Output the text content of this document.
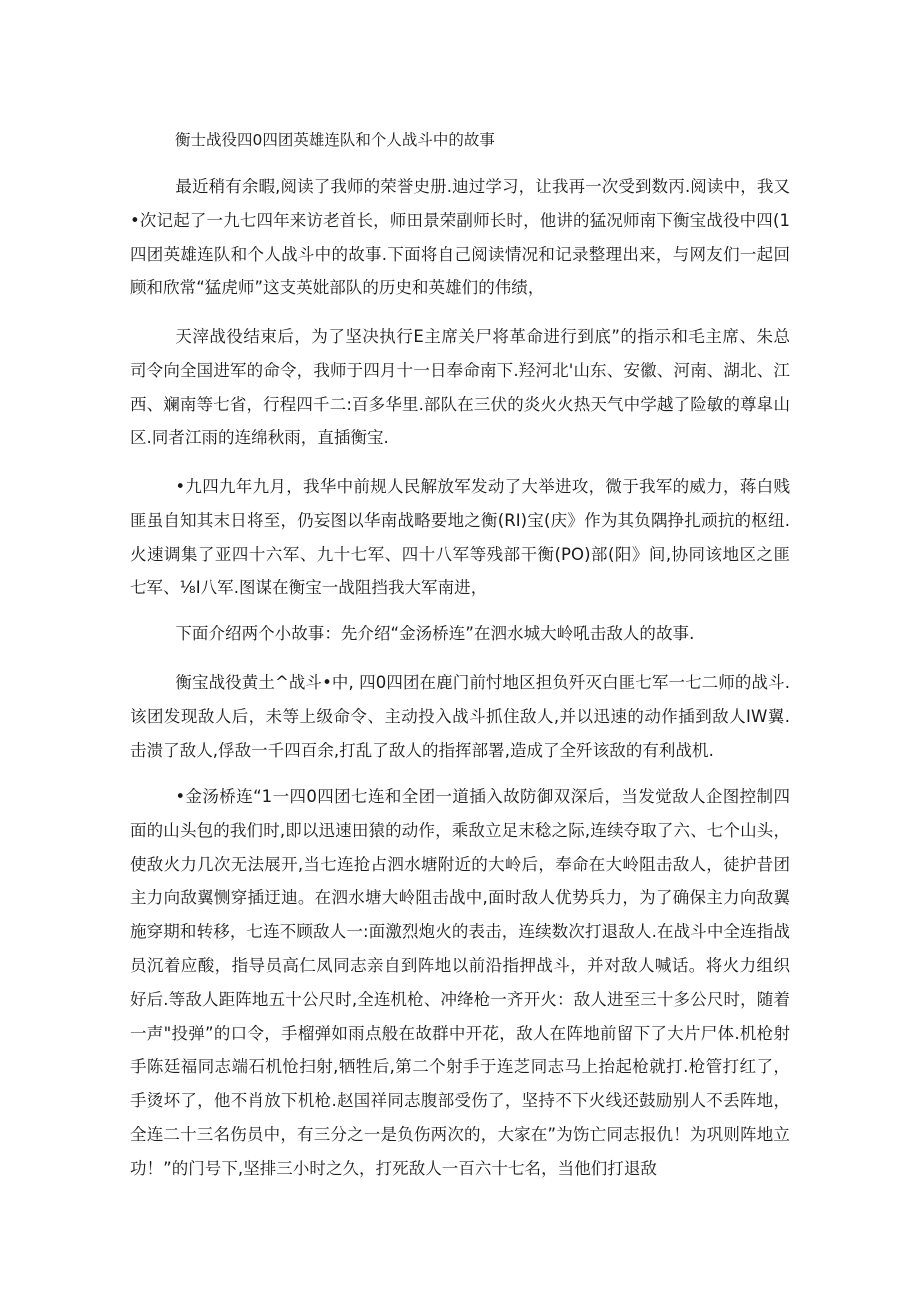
衡士战役四0四团英雄连队和个人战斗中的故事

最近稍有余暇,阅读了我师的荣誉史册.迪过学习，让我再一次受到数丙.阅读中，我又•次记起了一九七四年来访老首长，师田景荣副师长时，他讲的猛况师南下衡宝战役中四(1四团英雄连队和个人战斗中的故事.下面将自己阅读情况和记录整理出来，与网友们一起回顾和欣常“猛虎师”这支英妣部队的历史和英雄们的伟绩，

天滓战役结束后，为了坚决执行E主席关尸将革命进行到底”的指示和毛主席、朱总司令向全国进军的命令，我师于四月十一日奉命南下.羟河北'山东、安徽、河南、湖北、江西、斓南等七省，行程四千二:百多华里.部队在三伏的炎火火热天气中学越了险敏的尊皐山区.同者江雨的连绵秋雨，直插衡宝.

•九四九年九月，我华中前规人民解放军发动了大举进攻，微于我军的威力，蒋白贱匪虽自知其末日将至，仍妄图以华南战略要地之衡(RI)宝(庆》作为其负隅挣扎顽抗的枢纽.火速调集了亚四十六军、九十七军、四十八军等残部干衡(PO)部(阳》间,协同该地区之匪七军、⅛I八军.图谋在衡宝一战阻挡我大军南进，

下面介绍两个小故事：先介绍“金汤桥连”在泗水城大岭吼击敌人的故事.

衡宝战役黄土^战斗•中, 四0四团在鹿门前忖地区担负歼灭白匪七军一七二师的战斗.该团发现敌人后，未等上级命令、主动投入战斗抓住敌人,并以迅速的动作插到敌人IW翼.击溃了敌人,俘敌一千四百余,打乱了敌人的指挥部署,造成了全歼该敌的有利战机.

•金汤桥连“1一四0四团七连和全团一道插入故防御双深后，当发觉敌人企图控制四面的山头包的我们时,即以迅速田猿的动作，乘敌立足末稔之际,连续夺取了六、七个山头，使敌火力几次无法展开,当七连抢占泗水塘附近的大岭后，奉命在大岭阻击敌人，徒护昔团主力向敌翼恻穿插迂迪。在泗水塘大岭阻击战中,面时敌人优势兵力，为了确保主力向敌翼施穿期和转移，七连不顾敌人一:面激烈炮火的表击，连续数次打退敌人.在战斗中全连指战员沉着应酸，指导员高仁凤同志亲自到阵地以前沿指押战斗，并对敌人喊话。将火力组织好后.等敌人距阵地五十公尺时,全连机枪、冲绛枪一齐开火：敌人进至三十多公尺时，随着一声"投弹”的口令，手榴弹如雨点般在故群中开花，敌人在阵地前留下了大片尸体.机枪射手陈廷福同志端石机怆扫射,牺牲后,第二个射手于连芝同志马上抬起枪就打.枪管打红了，手烫坏了，他不肖放下机枪.赵国祥同志腹部受伤了，坚持不下火线还鼓励别人不丢阵地，全连二十三名伤员中，有三分之一是负伤两次的，大家在”为饬亡同志报仇！为巩则阵地立功！”的门号下,坚排三小时之久，打死敌人一百六十七名，当他们打退敌
